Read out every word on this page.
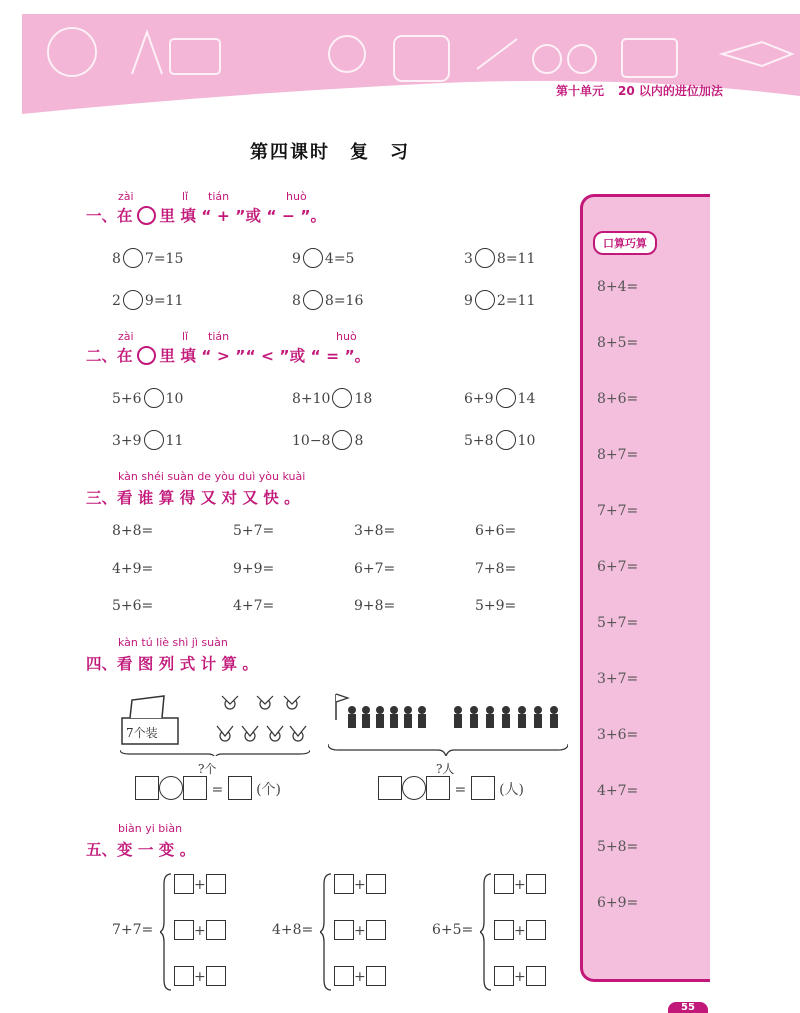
第十单元 20 以内的进位加法
第四课时　复　习
zài	lǐ tián	huò
一、在 里 填 “ + ”或 “ − ”。
8 7=15	9 4=5	3 8=11
2 9=11	8 8=16	9 2=11
zài	lǐ tián	huò
二、在 里 填 “ > ”“ < ”或 “ = ”。
5+6 10	8+10 18	6+9 14
3+9 11	10−8 8	5+8 10
kàn shéi suàn de yòu duì yòu kuài
三、看 谁 算 得 又 对 又 快 。
8+8=	5+7=	3+8=	6+6=
4+9=	9+9=	6+7=	7+8=
5+6=	4+7=	9+8=	5+9=
kàn tú liè shì jì suàn
四、看 图 列 式 计 算 。
7个装
?个	?人
=  (个)	=  (人)
biàn yi biàn
五、变 一 变 。
7+7=
+
+
+
4+8=
+
+
+
6+5=
+
+
+
口算巧算
8+4=
8+5=
8+6=
8+7=
7+7=
6+7=
5+7=
3+7=
3+6=
4+7=
5+8=
6+9=
55
